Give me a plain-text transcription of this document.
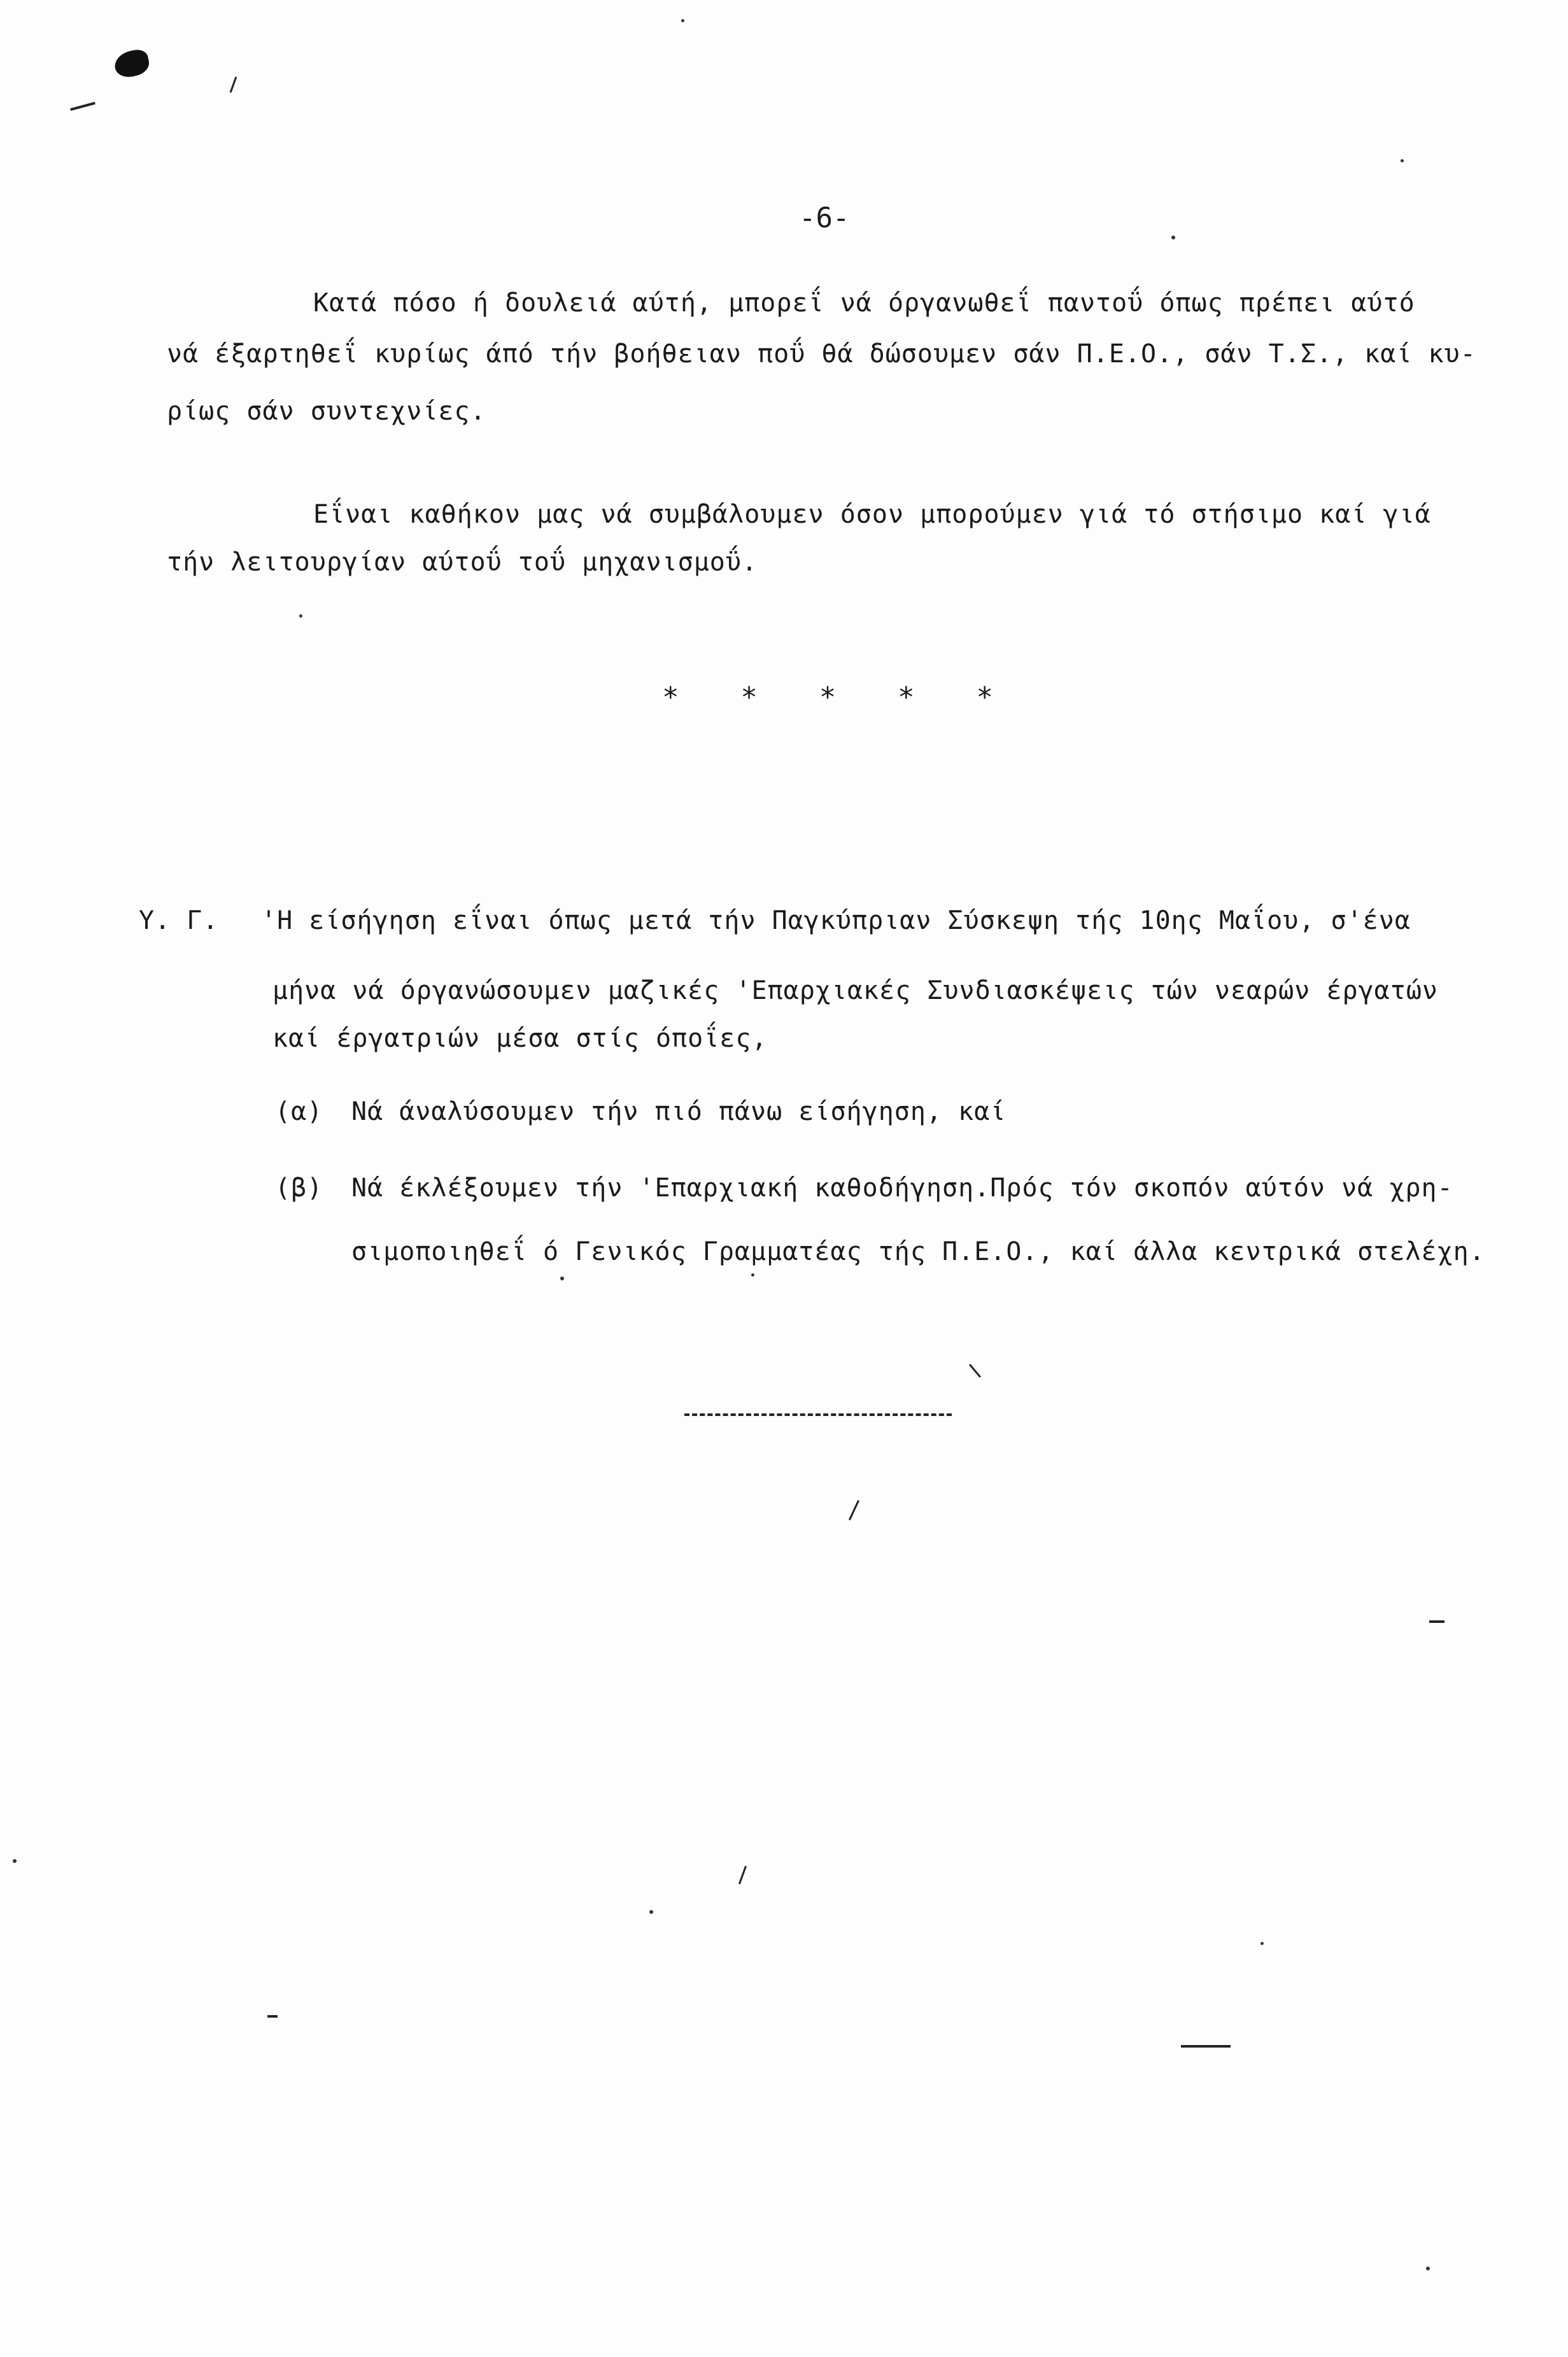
-6-
Κατά πόσο ή δουλειά αύτή, μπορεΐ νά όργανωθεΐ παντοΰ όπως πρέπει αύτό
νά έξαρτηθεΐ κυρίως άπό τήν βοήθειαν ποΰ θά δώσουμεν σάν Π.Ε.Ο., σάν Τ.Σ., καί κυ-
ρίως σάν συντεχνίες.
Εΐναι καθήκον μας νά συμβάλουμεν όσον μπορούμεν γιά τό στήσιμο καί γιά
τήν λειτουργίαν αύτοΰ τοΰ μηχανισμοΰ.
* * * * *
Υ. Γ. 'Η είσήγηση εΐναι όπως μετά τήν Παγκύπριαν Σύσκεψη τής 10ης Μαΐου, σ'ένα
μήνα νά όργανώσουμεν μαζικές 'Επαρχιακές Συνδιασκέψεις τών νεαρών έργατών
καί έργατριών μέσα στίς όποΐες,
(α) Νά άναλύσουμεν τήν πιό πάνω είσήγηση, καί
(β) Νά έκλέξουμεν τήν 'Επαρχιακή καθοδήγηση.Πρός τόν σκοπόν αύτόν νά χρη-
σιμοποιηθεΐ ό Γενικός Γραμματέας τής Π.Ε.Ο., καί άλλα κεντρικά στελέχη.
